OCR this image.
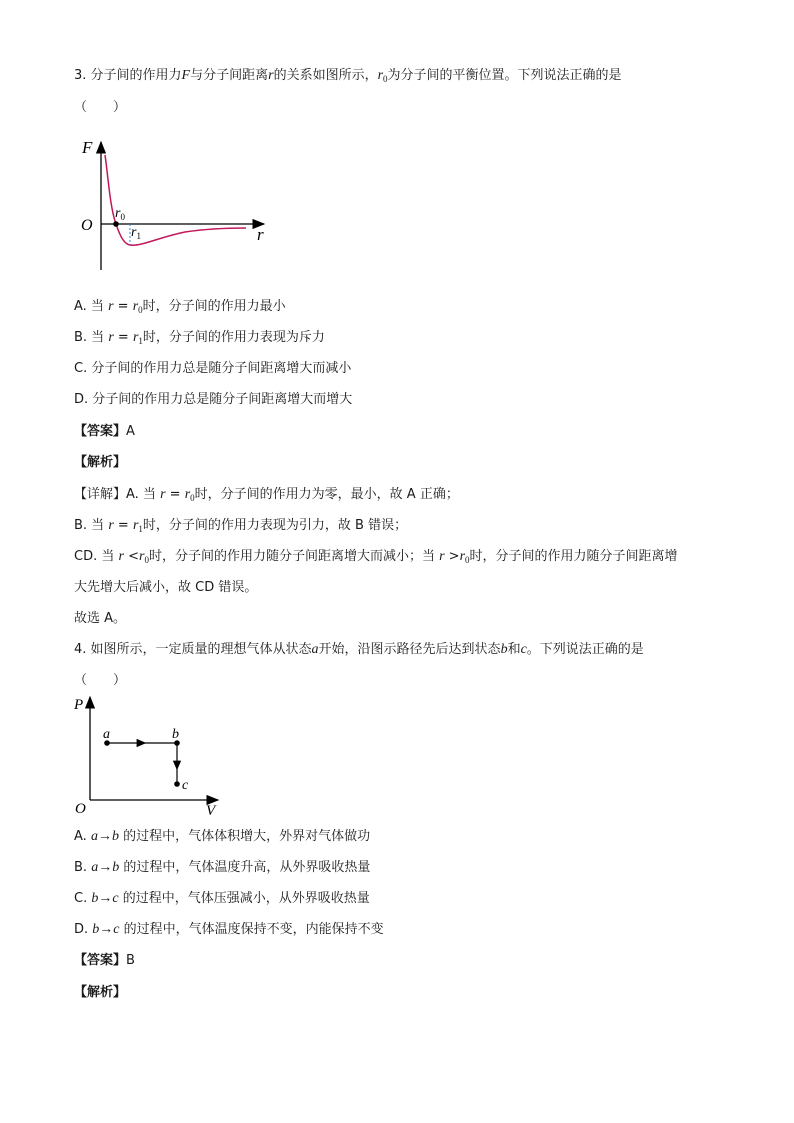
3. 分子间的作用力F与分子间距离r的关系如图所示，$r_0$为分子间的平衡位置。下列说法正确的是
（　　）
F
O	r
$r_0$
$r_1$
A. 当 $r = r_0$时，分子间的作用力最小
B. 当 $r = r_1$时，分子间的作用力表现为斥力
C. 分子间的作用力总是随分子间距离增大而减小
D. 分子间的作用力总是随分子间距离增大而增大
【答案】A
【解析】
【详解】A. 当 $r = r_0$时，分子间的作用力为零，最小，故 A 正确；
B. 当 $r = r_1$时，分子间的作用力表现为引力，故 B 错误；
CD. 当 $r <r_0$时，分子间的作用力随分子间距离增大而减小；当 $r >r_0$时，分子间的作用力随分子间距离增
大先增大后减小，故 CD 错误。
故选 A。
4. 如图所示，一定质量的理想气体从状态a开始，沿图示路径先后达到状态b和c。下列说法正确的是
（　　）
P
O	V
a	b
c
A. a→b 的过程中，气体体积增大，外界对气体做功
B. a→b 的过程中，气体温度升高，从外界吸收热量
C. b→c 的过程中，气体压强减小，从外界吸收热量
D. b→c 的过程中，气体温度保持不变，内能保持不变
【答案】B
【解析】
